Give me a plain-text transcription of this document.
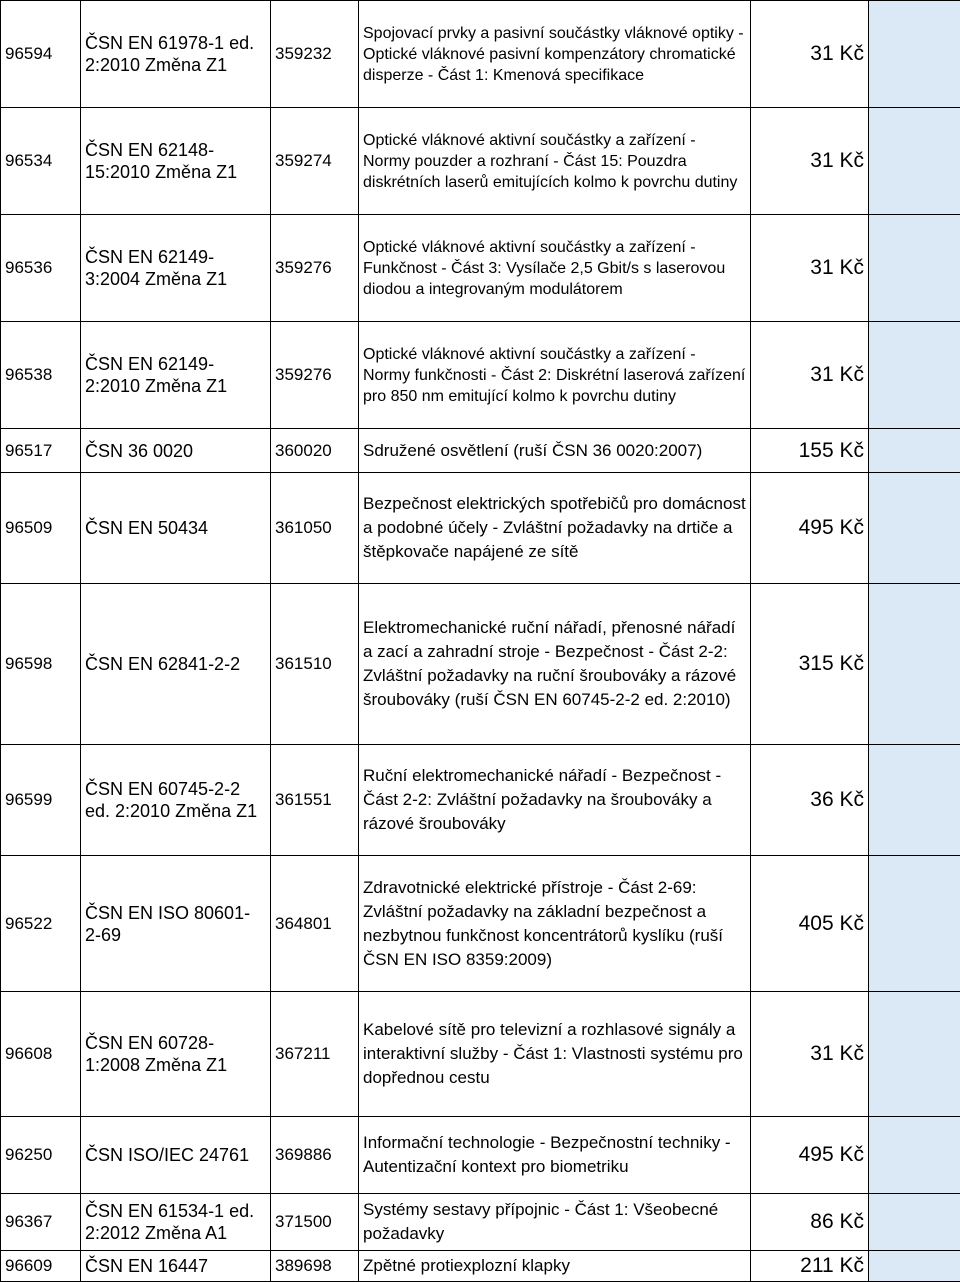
96594	ČSN EN 61978-1 ed. 2:2010 Změna Z1	359232	Spojovací prvky a pasivní součástky vláknové optiky - Optické vláknové pasivní kompenzátory chromatické disperze - Část 1: Kmenová specifikace	31 Kč	
96534	ČSN EN 62148-15:2010 Změna Z1	359274	Optické vláknové aktivní součástky a zařízení - Normy pouzder a rozhraní - Část 15: Pouzdra diskrétních laserů emitujících kolmo k povrchu dutiny	31 Kč	
96536	ČSN EN 62149-3:2004 Změna Z1	359276	Optické vláknové aktivní součástky a zařízení - Funkčnost - Část 3: Vysílače 2,5 Gbit/s s laserovou diodou a integrovaným modulátorem	31 Kč	
96538	ČSN EN 62149-2:2010 Změna Z1	359276	Optické vláknové aktivní součástky a zařízení - Normy funkčnosti - Část 2: Diskrétní laserová zařízení pro 850 nm emitující kolmo k povrchu dutiny	31 Kč	
96517	ČSN 36 0020	360020	Sdružené osvětlení (ruší ČSN 36 0020:2007)	155 Kč	
96509	ČSN EN 50434	361050	Bezpečnost elektrických spotřebičů pro domácnost a podobné účely - Zvláštní požadavky na drtiče a štěpkovače napájené ze sítě	495 Kč	
96598	ČSN EN 62841-2-2	361510	Elektromechanické ruční nářadí, přenosné nářadí a zací a zahradní stroje - Bezpečnost - Část 2-2: Zvláštní požadavky na ruční šroubováky a rázové šroubováky (ruší ČSN EN 60745-2-2 ed. 2:2010)	315 Kč	
96599	ČSN EN 60745-2-2 ed. 2:2010 Změna Z1	361551	Ruční elektromechanické nářadí - Bezpečnost - Část 2-2: Zvláštní požadavky na šroubováky a rázové šroubováky	36 Kč	
96522	ČSN EN ISO 80601-2-69	364801	Zdravotnické elektrické přístroje - Část 2-69: Zvláštní požadavky na základní bezpečnost a nezbytnou funkčnost koncentrátorů kyslíku (ruší ČSN EN ISO 8359:2009)	405 Kč	
96608	ČSN EN 60728-1:2008 Změna Z1	367211	Kabelové sítě pro televizní a rozhlasové signály a interaktivní služby - Část 1: Vlastnosti systému pro dopřednou cestu	31 Kč	
96250	ČSN ISO/IEC 24761	369886	Informační technologie - Bezpečnostní techniky - Autentizační kontext pro biometriku	495 Kč	
96367	ČSN EN 61534-1 ed. 2:2012 Změna A1	371500	Systémy sestavy přípojnic - Část 1: Všeobecné požadavky	86 Kč	
96609	ČSN EN 16447	389698	Zpětné protiexplozní klapky	211 Kč	
